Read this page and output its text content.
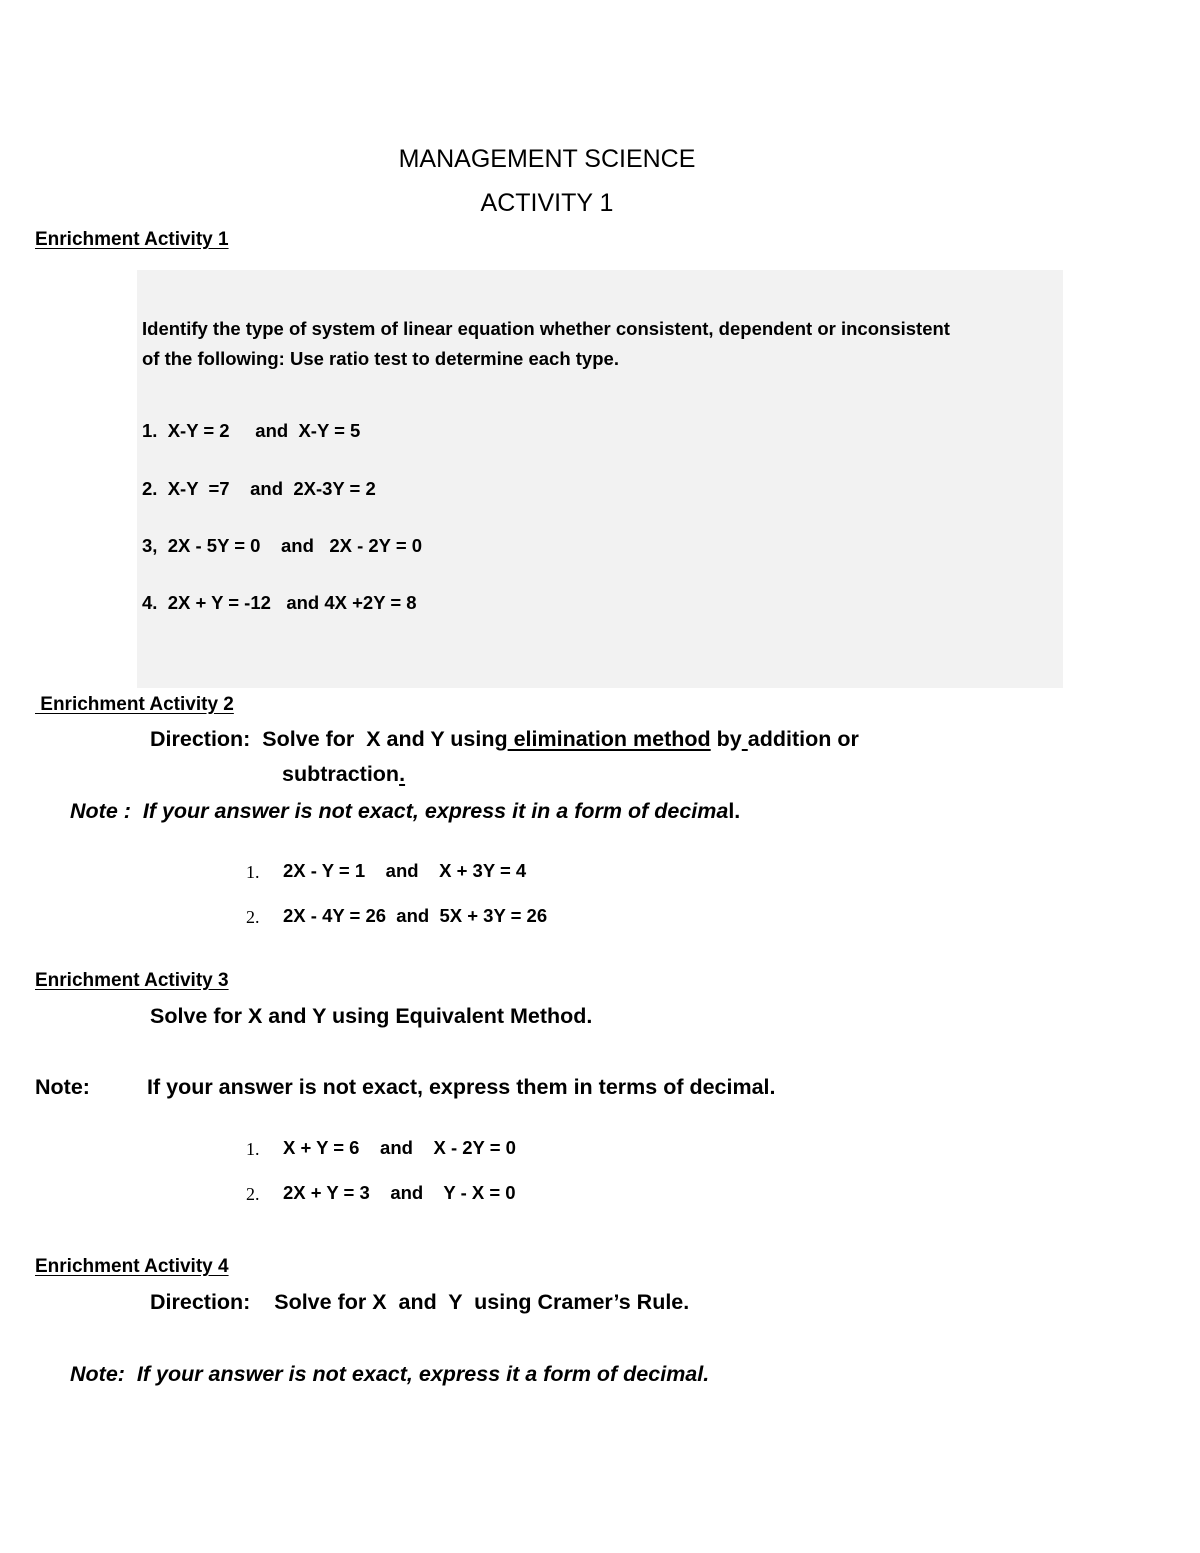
MANAGEMENT SCIENCE
ACTIVITY 1
Enrichment Activity 1
Identify the type of system of linear equation whether consistent, dependent or inconsistent
of the following: Use ratio test to determine each type.
1.  X-Y = 2     and  X-Y = 5
2.  X-Y  =7    and  2X-3Y = 2
3,  2X - 5Y = 0    and   2X - 2Y = 0
4.  2X + Y = -12   and 4X +2Y = 8
Enrichment Activity 2
Direction:  Solve for  X and Y using elimination method by addition or
subtraction.
Note :  If your answer is not exact, express it in a form of decimal.
1. 2X - Y = 1    and    X + 3Y = 4
2. 2X - 4Y = 26  and  5X + 3Y = 26
Enrichment Activity 3
Solve for X and Y using Equivalent Method.
Note:	If your answer is not exact, express them in terms of decimal.
1. X + Y = 6    and    X - 2Y = 0
2. 2X + Y = 3    and    Y - X = 0
Enrichment Activity 4
Direction:    Solve for X  and  Y  using Cramer’s Rule.
Note:  If your answer is not exact, express it a form of decimal.
